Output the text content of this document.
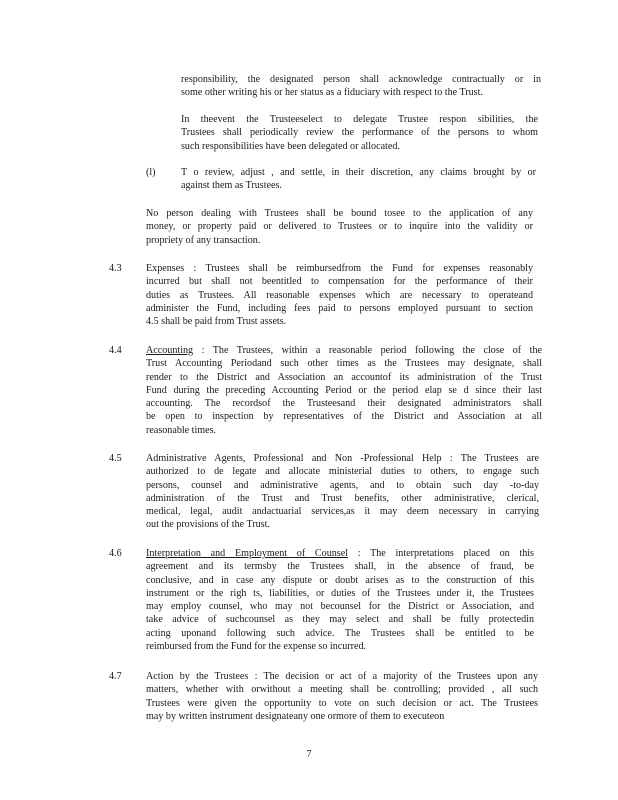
responsibility, the designated person shall acknowledge contractually or in
some other writing his or her status as a fiduciary with respect to the Trust.
In theevent the Trusteeselect to delegate Trustee respon sibilities, the
Trustees shall periodically review the performance of the persons to whom
such responsibilities have been delegated or allocated.
(l)	T o review, adjust , and settle, in their discretion, any claims brought by or
against them as Trustees.
No person dealing with Trustees shall be bound tosee to the application of any
money, or property paid or delivered to Trustees or to inquire into the validity or
propriety of any transaction.
4.3 Expenses : Trustees shall be reimbursedfrom the Fund for expenses reasonably
incurred but shall not beentitled to compensation for the performance of their
duties as Trustees. All reasonable expenses which are necessary to operateand
administer the Fund, including fees paid to persons employed pursuant to section
4.5 shall be paid from Trust assets.
4.4 Accounting : The Trustees, within a reasonable period following the close of the
Trust Accounting Periodand such other times as the Trustees may designate, shall
render to the District and Association an accountof its administration of the Trust
Fund during the preceding Accounting Period or the period elap se d since their last
accounting. The recordsof the Trusteesand their designated administrators shall
be open to inspection by representatives of the District and Association at all
reasonable times.
4.5 Administrative Agents, Professional and Non -Professional Help : The Trustees are
authorized to de legate and allocate ministerial duties to others, to engage such
persons, counsel and administrative agents, and to obtain such day -to-day
administration of the Trust and Trust benefits, other administrative, clerical,
medical, legal, audit andactuarial services,as it may deem necessary in carrying
out the provisions of the Trust.
4.6 Interpretation and Employment of Counsel : The interpretations placed on this
agreement and its termsby the Trustees shall, in the absence of fraud, be
conclusive, and in case any dispute or doubt arises as to the construction of this
instrument or the righ ts, liabilities, or duties of the Trustees under it, the Trustees
may employ counsel, who may not becounsel for the District or Association, and
take advice of suchcounsel as they may select and shall be fully protectedin
acting uponand following such advice. The Trustees shall be entitled to be
reimbursed from the Fund for the expense so incurred.
4.7 Action by the Trustees : The decision or act of a majority of the Trustees upon any
matters, whether with orwithout a meeting shall be controlling; provided , all such
Trustees were given the opportunity to vote on such decision or act. The Trustees
may by written instrument designateany one ormore of them to executeon
7
